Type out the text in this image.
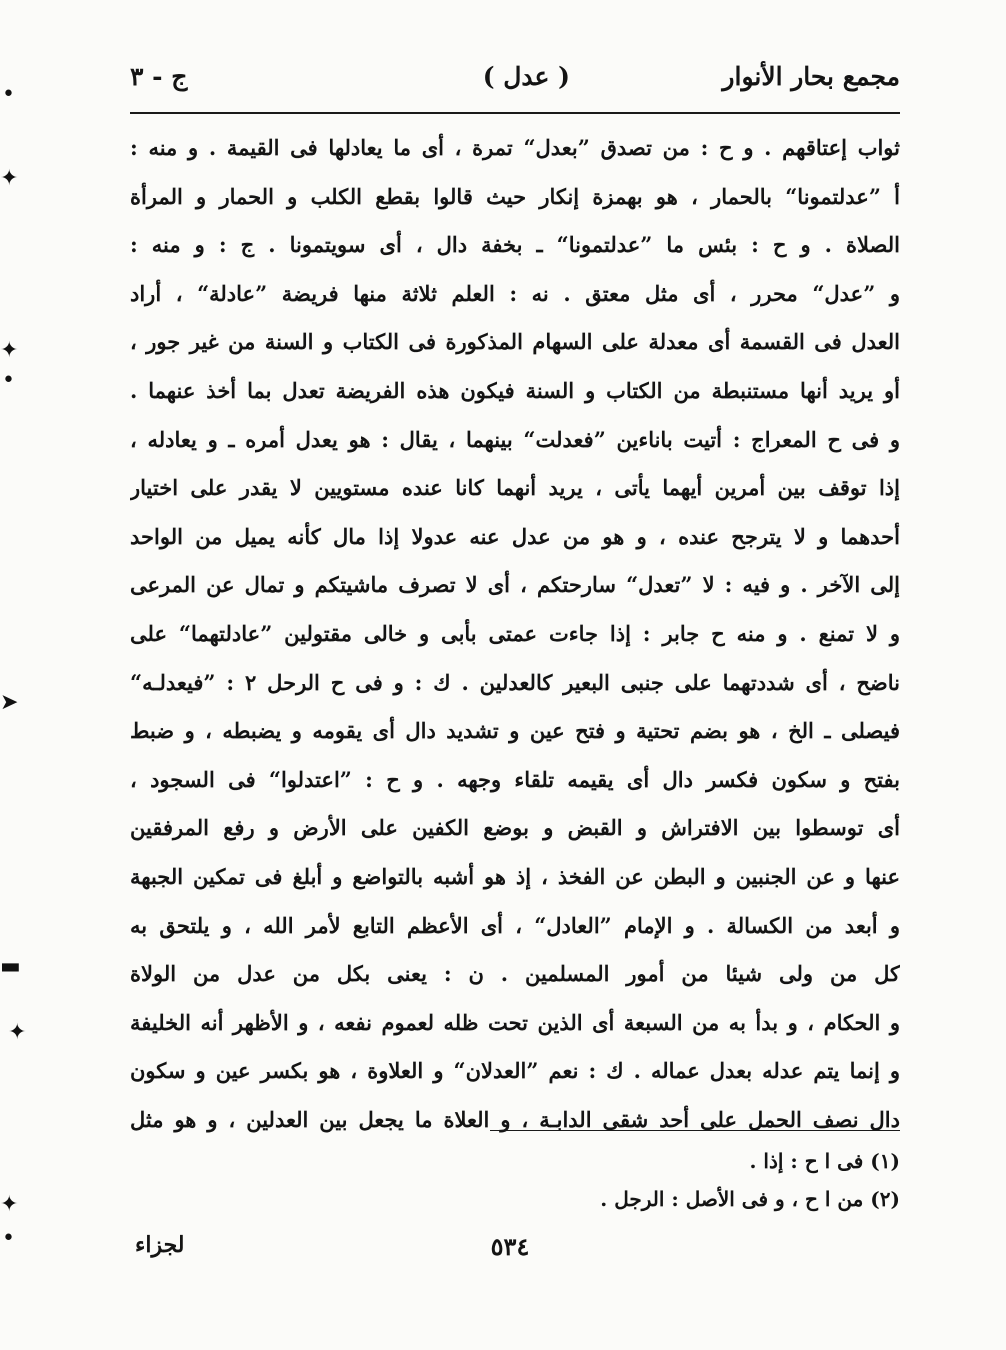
مجمع بحار الأنوار
( عدل )
ج - ٣
ثواب إعتاقهم . و ح : من تصدق ”بعدل“ تمرة ، أى ما يعادلها فى القيمة . و منه :
أ ”عدلتمونا“ بالحمار ، هو بهمزة إنكار حيث قالوا بقطع الكلب و الحمار و المرأة
الصلاة . و ح : بئس ما ”عدلتمونا“ ـ بخفة دال ، أى سويتمونا . ج : و منه :
و ”عدل“ محرر ، أى مثل معتق . نه : العلم ثلاثة منها فريضة ”عادلة“ ، أراد
العدل فى القسمة أى معدلة على السهام المذكورة فى الكتاب و السنة من غير جور ،
أو يريد أنها مستنبطة من الكتاب و السنة فيكون هذه الفريضة تعدل بما أخذ عنهما .
و فى ح المعراج : أتيت باناءين ”فعدلت“ بينهما ، يقال : هو يعدل أمره ـ و يعادله ،
إذا توقف بين أمرين أيهما يأتى ، يريد أنهما كانا عنده مستويين لا يقدر على اختيار
أحدهما و لا يترجح عنده ، و هو من عدل عنه عدولا إذا مال كأنه يميل من الواحد
إلى الآخر . و فيه : لا ”تعدل“ سارحتكم ، أى لا تصرف ماشيتكم و تمال عن المرعى
و لا تمنع . و منه ح جابر : إذا جاءت عمتى بأبى و خالى مقتولين ”عادلتهما“ على
ناضح ، أى شددتهما على جنبى البعير كالعدلين . ك : و فى ح الرحل ٢ : ”فيعدلـه“
فيصلى ـ الخ ، هو بضم تحتية و فتح عين و تشديد دال أى يقومه و يضبطه ، و ضبط
بفتح و سكون فكسر دال أى يقيمه تلقاء وجهه . و ح : ”اعتدلوا“ فى السجود ،
أى توسطوا بين الافتراش و القبض و بوضع الكفين على الأرض و رفع المرفقين
عنها و عن الجنبين و البطن عن الفخذ ، إذ هو أشبه بالتواضع و أبلغ فى تمكين الجبهة
و أبعد من الكسالة . و الإمام ”العادل“ ، أى الأعظم التابع لأمر الله ، و يلتحق به
كل من ولى شيئا من أمور المسلمين . ن : يعنى بكل من عدل من الولاة
و الحكام ، و بدأ به من السبعة أى الذين تحت ظله لعموم نفعه ، و الأظهر أنه الخليفة
و إنما يتم عدله بعدل عماله . ك : نعم ”العدلان“ و العلاوة ، هو بكسر عين و سكون
دال نصف الحمل على أحد شقى الدابـة ، و العلاة ما يجعل بين العدلين ، و هو مثل
(١) فى ا ح : إذا .
(٢) من ا ح ، و فى الأصل : الرجل .
٥٣٤
لجزاء
•
✦
✦
•
➤
▬
✦
✦
•
